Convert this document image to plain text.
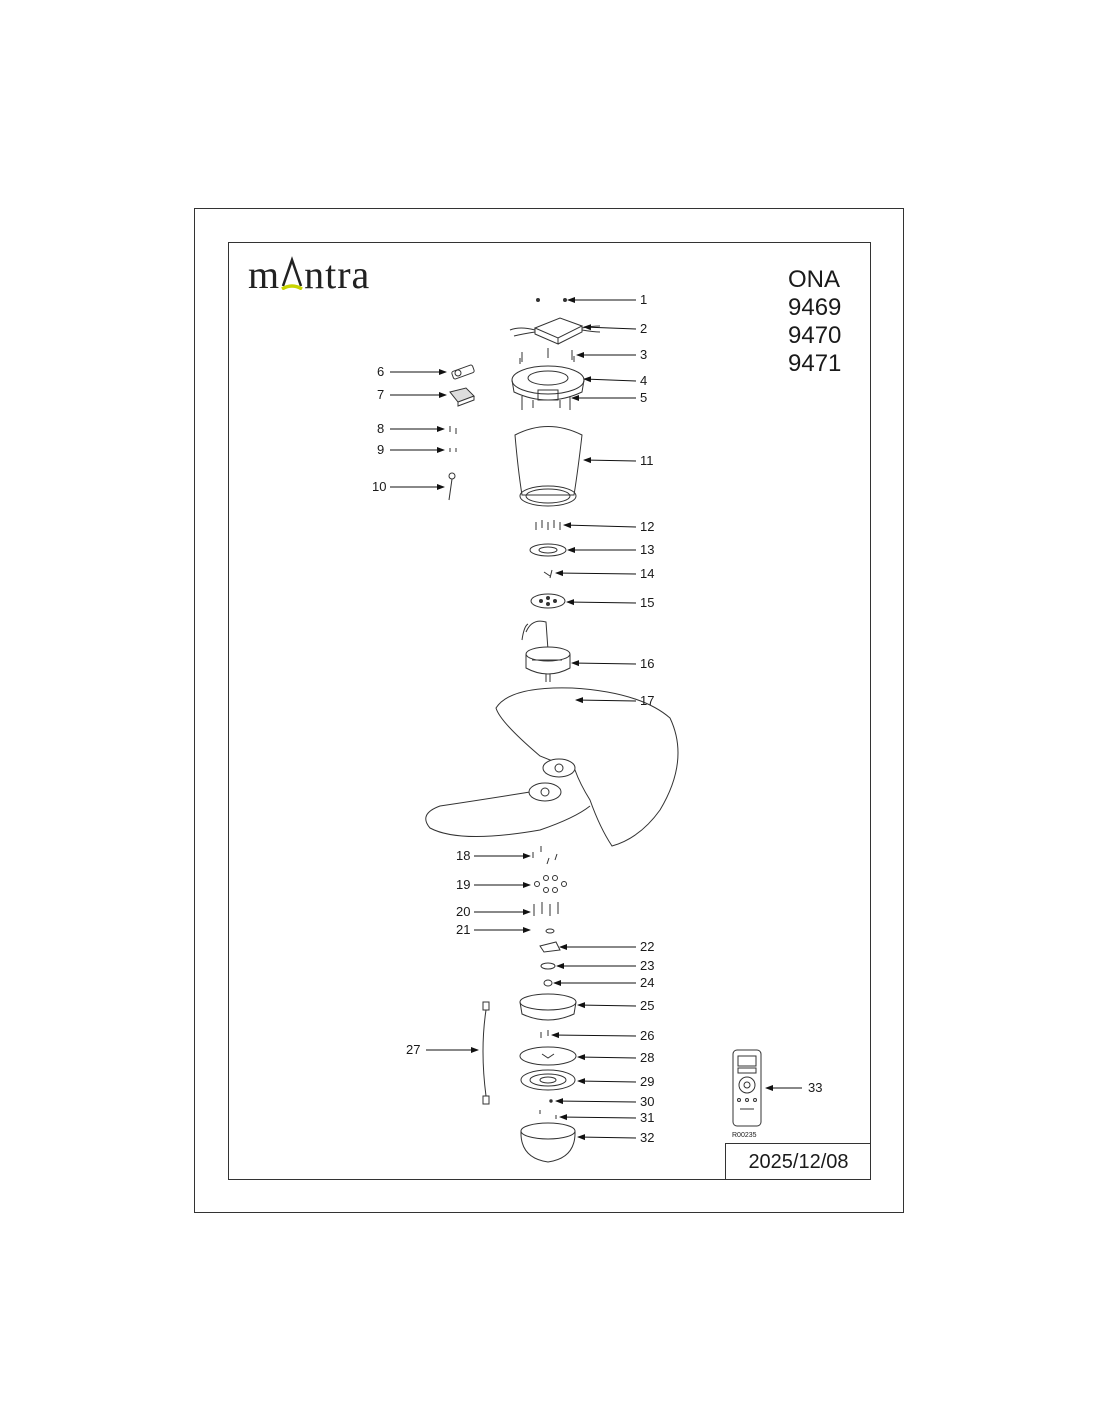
m ntra	ONA
9469
9470
9471
2025/12/08
1
2
3
4
5
6
7
8
9
10
11
12
13
14
15
16
17
18
19
20
21
22
23
24
25
26
27
28
29
30
31
32
33
R00235
